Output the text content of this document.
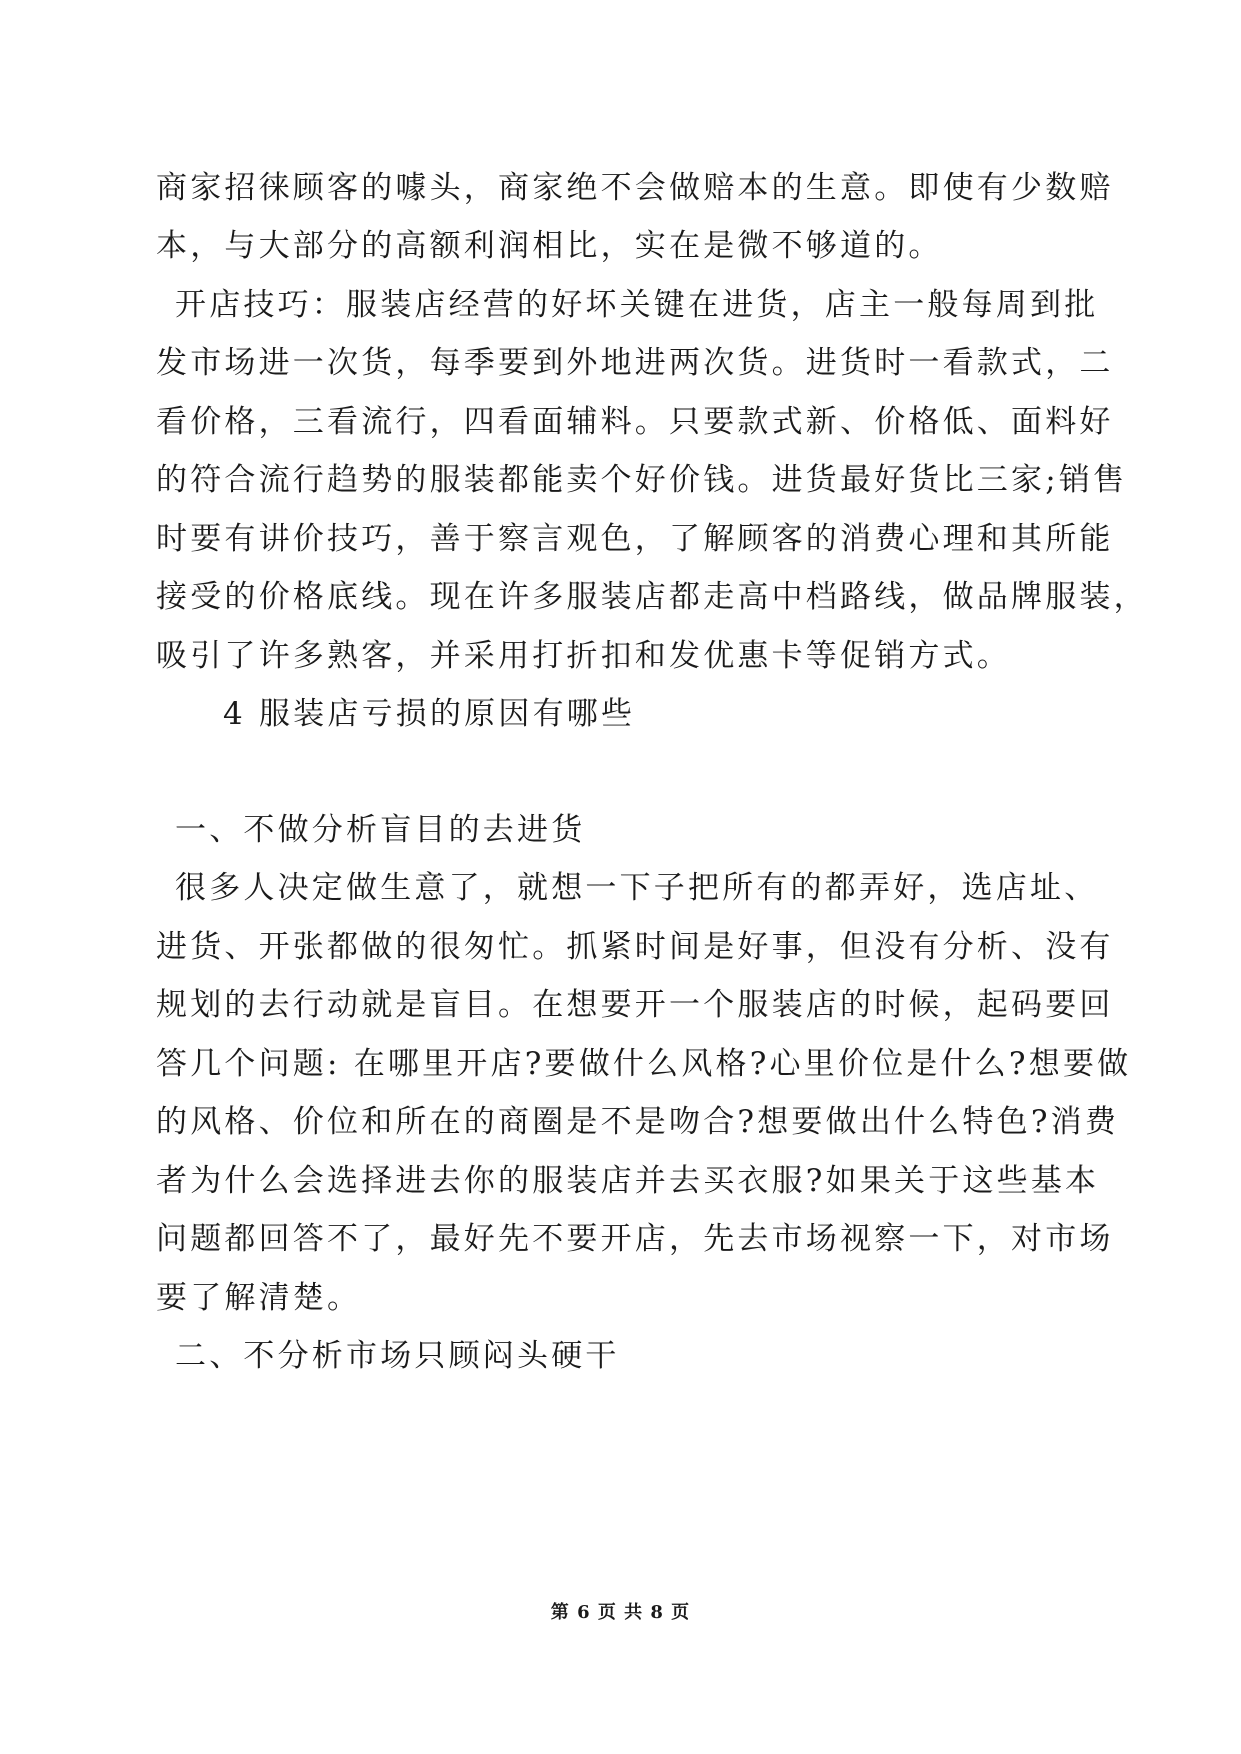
商家招徕顾客的噱头，商家绝不会做赔本的生意。即使有少数赔
本，与大部分的高额利润相比，实在是微不够道的。
开店技巧：服装店经营的好坏关键在进货，店主一般每周到批
发市场进一次货，每季要到外地进两次货。进货时一看款式，二
看价格，三看流行，四看面辅料。只要款式新、价格低、面料好
的符合流行趋势的服装都能卖个好价钱。进货最好货比三家;销售
时要有讲价技巧，善于察言观色，了解顾客的消费心理和其所能
接受的价格底线。现在许多服装店都走高中档路线，做品牌服装，
吸引了许多熟客，并采用打折扣和发优惠卡等促销方式。
4 服装店亏损的原因有哪些
一、不做分析盲目的去进货
很多人决定做生意了，就想一下子把所有的都弄好，选店址、
进货、开张都做的很匆忙。抓紧时间是好事，但没有分析、没有
规划的去行动就是盲目。在想要开一个服装店的时候，起码要回
答几个问题: 在哪里开店?要做什么风格?心里价位是什么?想要做
的风格、价位和所在的商圈是不是吻合?想要做出什么特色?消费
者为什么会选择进去你的服装店并去买衣服?如果关于这些基本
问题都回答不了，最好先不要开店，先去市场视察一下，对市场
要了解清楚。
二、不分析市场只顾闷头硬干
第 6 页 共 8 页
